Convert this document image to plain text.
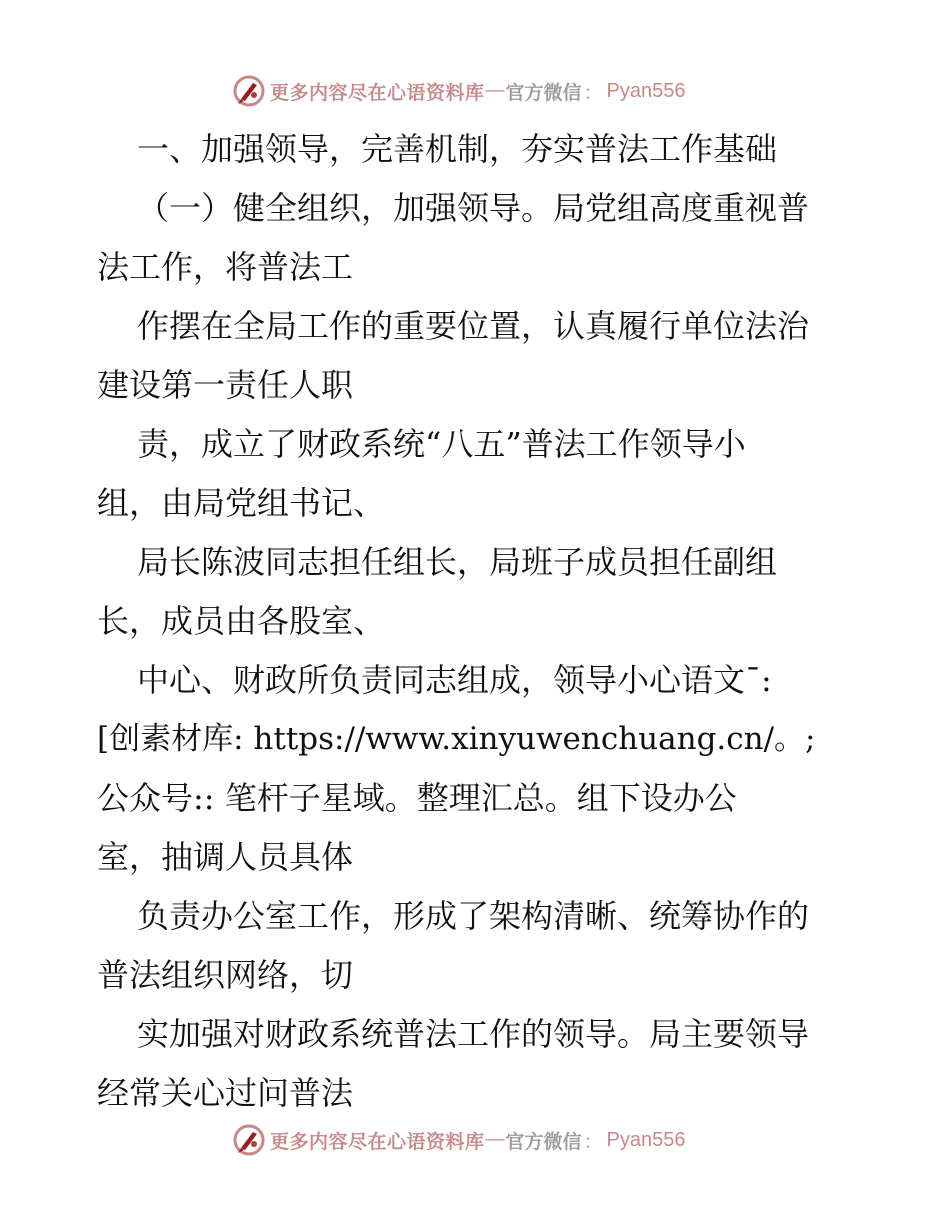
更多内容尽在心语资料库 — 官方微信 ： Pyan556
一、加强领导，完善机制，夯实普法工作基础
（一）健全组织，加强领导。局党组高度重视普
法工作，将普法工
作摆在全局工作的重要位置，认真履行单位法治
建设第一责任人职
责，成立了财政系统“八五”普法工作领导小
组，由局党组书记、
局长陈波同志担任组长，局班子成员担任副组
长，成员由各股室、
中心、财政所负责同志组成，领导小心语文¯:
[创素材库: https://www.xinyuwenchuang.cn/。;
公众号:: 笔杆子星域。整理汇总。组下设办公
室，抽调人员具体
负责办公室工作，形成了架构清晰、统筹协作的
普法组织网络，切
实加强对财政系统普法工作的领导。局主要领导
经常关心过问普法
更多内容尽在心语资料库 — 官方微信 ： Pyan556
